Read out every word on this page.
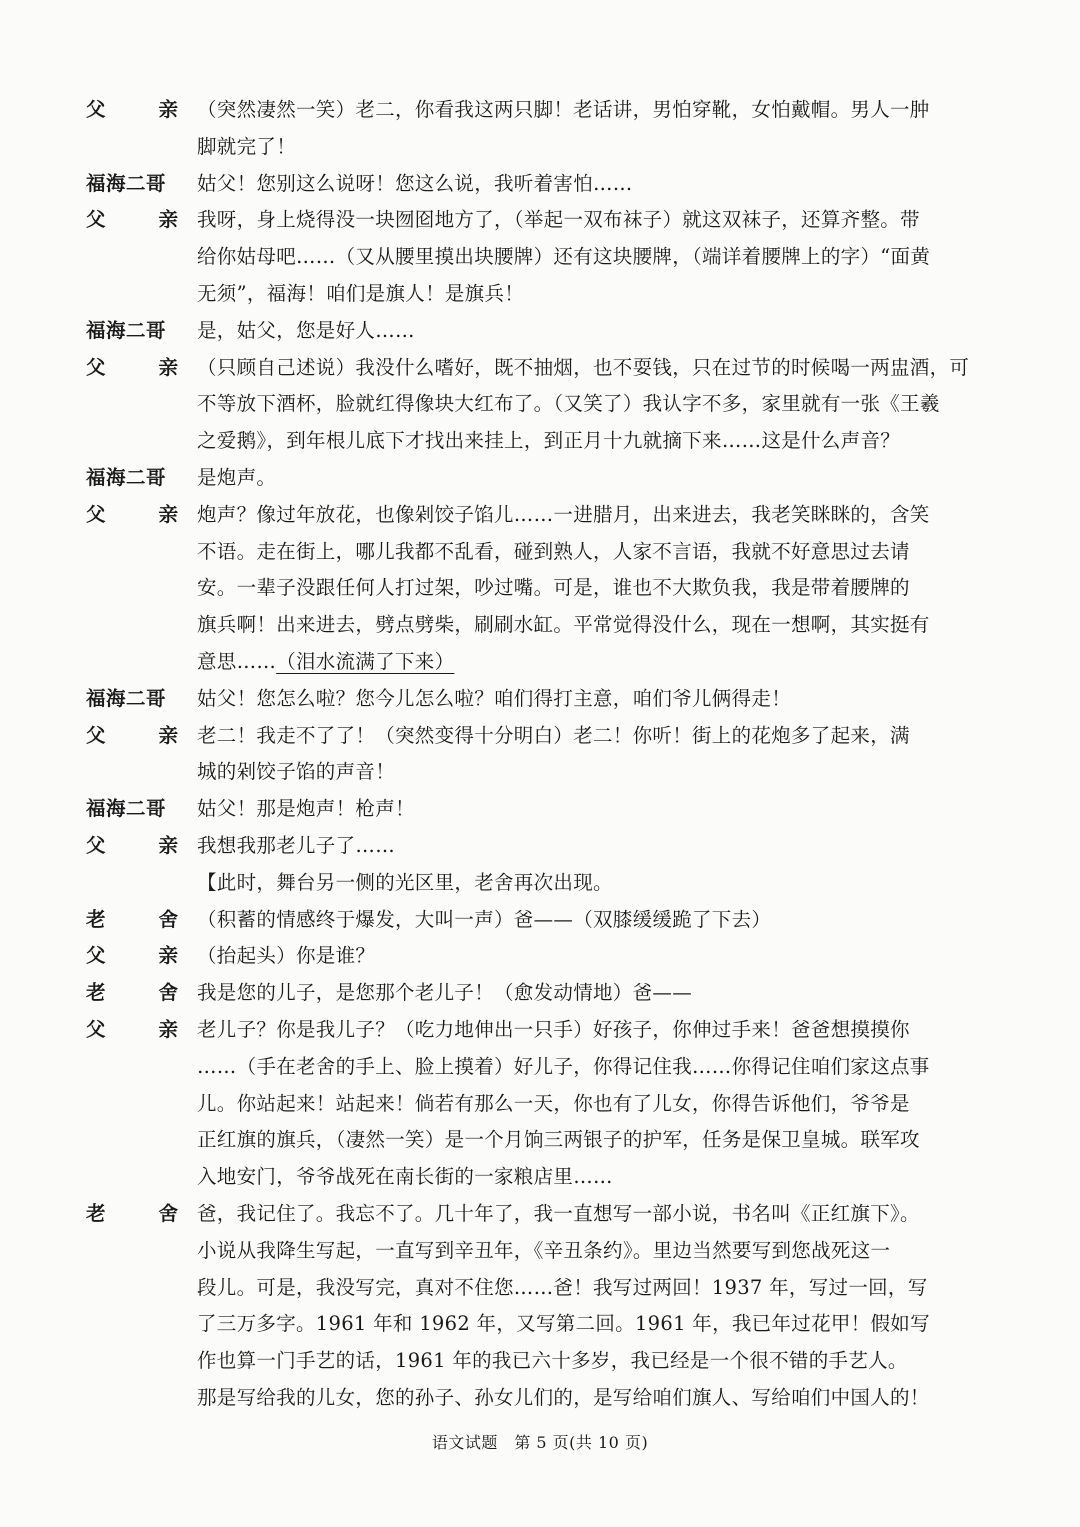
父	亲 （突然凄然一笑）老二，你看我这两只脚！老话讲，男怕穿靴，女怕戴帽。男人一肿
脚就完了！
福海二哥 姑父！您别这么说呀！您这么说，我听着害怕……
父	亲 我呀，身上烧得没一块囫囵地方了，（举起一双布袜子）就这双袜子，还算齐整。带
给你姑母吧……（又从腰里摸出块腰牌）还有这块腰牌，（端详着腰牌上的字）“面黄
无须”，福海！咱们是旗人！是旗兵！
福海二哥 是，姑父，您是好人……
父	亲 （只顾自己述说）我没什么嗜好，既不抽烟，也不耍钱，只在过节的时候喝一两盅酒，可
不等放下酒杯，脸就红得像块大红布了。（又笑了）我认字不多，家里就有一张《王羲
之爱鹅》，到年根儿底下才找出来挂上，到正月十九就摘下来……这是什么声音？
福海二哥 是炮声。
父	亲 炮声？像过年放花，也像剁饺子馅儿……一进腊月，出来进去，我老笑眯眯的，含笑
不语。走在街上，哪儿我都不乱看，碰到熟人，人家不言语，我就不好意思过去请
安。一辈子没跟任何人打过架，吵过嘴。可是，谁也不大欺负我，我是带着腰牌的
旗兵啊！出来进去，劈点劈柴，刷刷水缸。平常觉得没什么，现在一想啊，其实挺有
意思……（泪水流满了下来）
福海二哥 姑父！您怎么啦？您今儿怎么啦？咱们得打主意，咱们爷儿俩得走！
父	亲 老二！我走不了了！（突然变得十分明白）老二！你听！街上的花炮多了起来，满
城的剁饺子馅的声音！
福海二哥 姑父！那是炮声！枪声！
父	亲 我想我那老儿子了……
【此时，舞台另一侧的光区里，老舍再次出现。
老	舍 （积蓄的情感终于爆发，大叫一声）爸——（双膝缓缓跪了下去）
父	亲 （抬起头）你是谁？
老	舍 我是您的儿子，是您那个老儿子！（愈发动情地）爸——
父	亲 老儿子？你是我儿子？（吃力地伸出一只手）好孩子，你伸过手来！爸爸想摸摸你
……（手在老舍的手上、脸上摸着）好儿子，你得记住我……你得记住咱们家这点事
儿。你站起来！站起来！倘若有那么一天，你也有了儿女，你得告诉他们，爷爷是
正红旗的旗兵，（凄然一笑）是一个月饷三两银子的护军，任务是保卫皇城。联军攻
入地安门，爷爷战死在南长街的一家粮店里……
老	舍 爸，我记住了。我忘不了。几十年了，我一直想写一部小说，书名叫《正红旗下》。
小说从我降生写起，一直写到辛丑年，《辛丑条约》。里边当然要写到您战死这一
段儿。可是，我没写完，真对不住您……爸！我写过两回！1937 年，写过一回，写
了三万多字。1961 年和 1962 年，又写第二回。1961 年，我已年过花甲！假如写
作也算一门手艺的话，1961 年的我已六十多岁，我已经是一个很不错的手艺人。
那是写给我的儿女，您的孙子、孙女儿们的，是写给咱们旗人、写给咱们中国人的！
语文试题　第 5 页(共 10 页)
